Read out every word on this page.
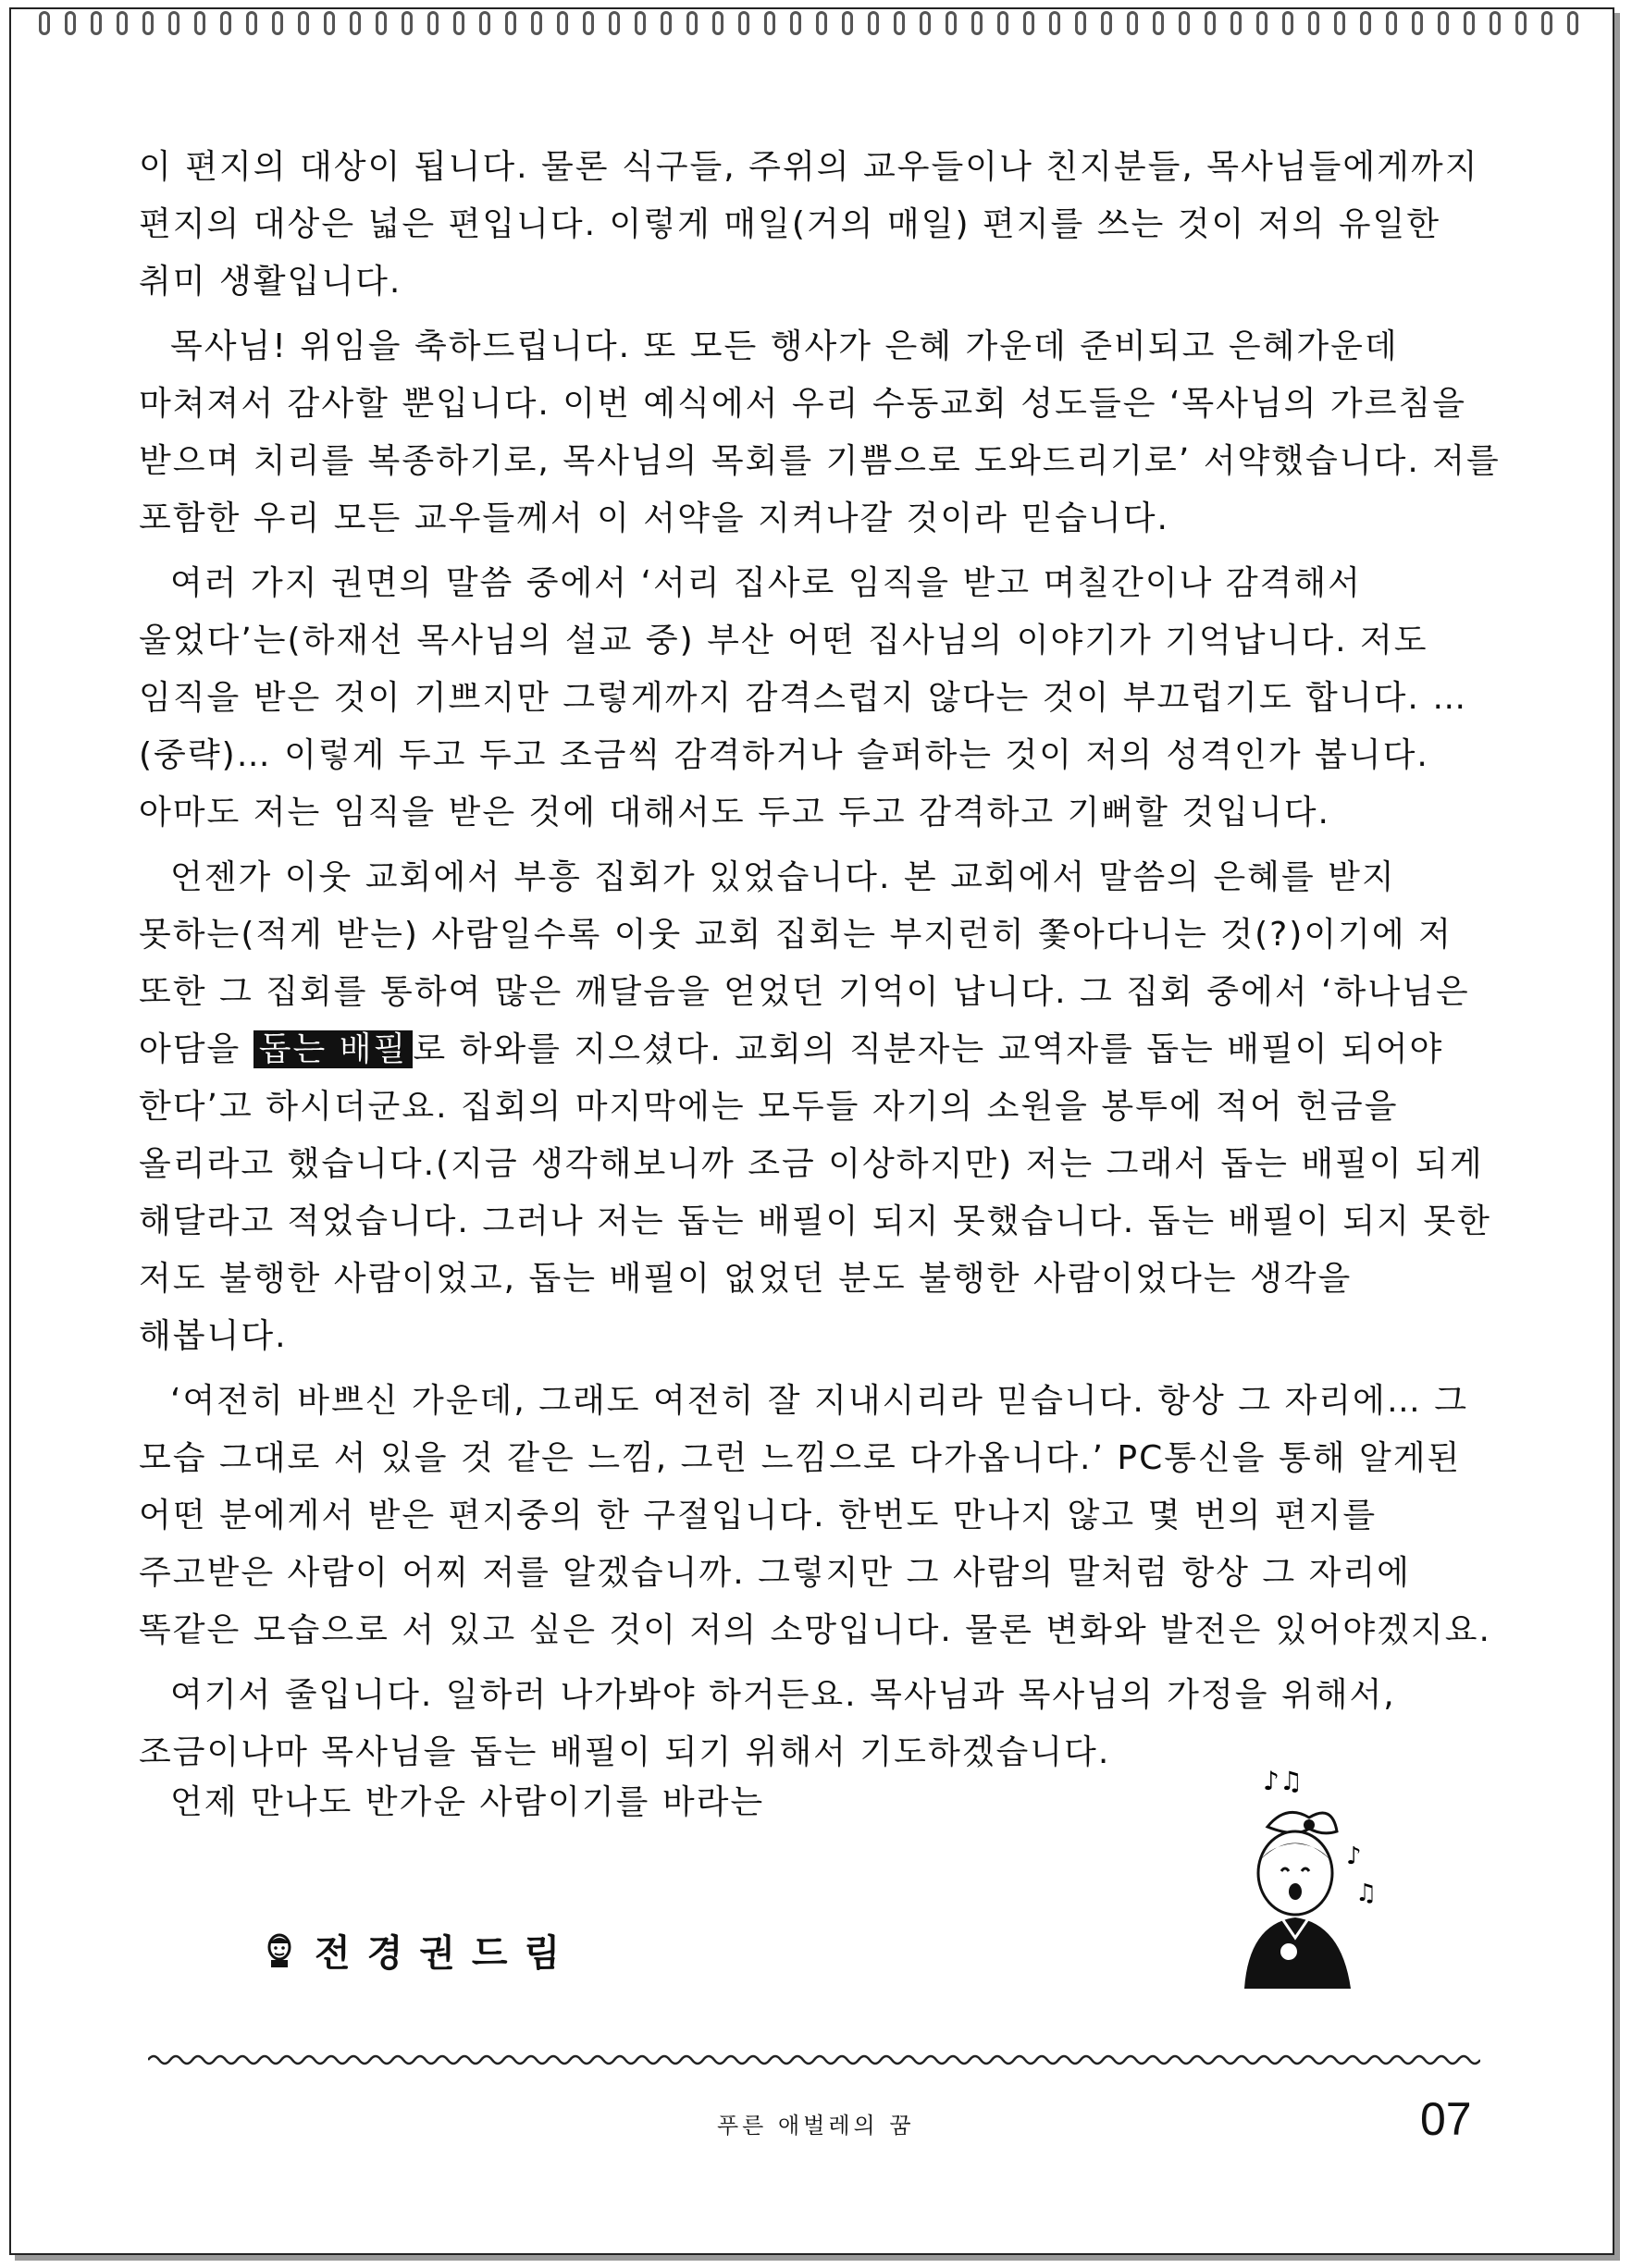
이 편지의 대상이 됩니다. 물론 식구들, 주위의 교우들이나 친지분들, 목사님들에게까지 편지의 대상은 넓은 편입니다. 이렇게 매일(거의 매일) 편지를 쓰는 것이 저의 유일한 취미 생활입니다.

목사님! 위임을 축하드립니다. 또 모든 행사가 은혜 가운데 준비되고 은혜가운데 마쳐져서 감사할 뿐입니다. 이번 예식에서 우리 수동교회 성도들은 ‘목사님의 가르침을 받으며 치리를 복종하기로, 목사님의 목회를 기쁨으로 도와드리기로’ 서약했습니다. 저를 포함한 우리 모든 교우들께서 이 서약을 지켜나갈 것이라 믿습니다.

여러 가지 권면의 말씀 중에서 ‘서리 집사로 임직을 받고 며칠간이나 감격해서 울었다’는(하재선 목사님의 설교 중) 부산 어떤 집사님의 이야기가 기억납니다. 저도 임직을 받은 것이 기쁘지만 그렇게까지 감격스럽지 않다는 것이 부끄럽기도 합니다. …(중략)… 이렇게 두고 두고 조금씩 감격하거나 슬퍼하는 것이 저의 성격인가 봅니다. 아마도 저는 임직을 받은 것에 대해서도 두고 두고 감격하고 기뻐할 것입니다.

언젠가 이웃 교회에서 부흥 집회가 있었습니다. 본 교회에서 말씀의 은혜를 받지 못하는(적게 받는) 사람일수록 이웃 교회 집회는 부지런히 쫓아다니는 것(?)이기에 저 또한 그 집회를 통하여 많은 깨달음을 얻었던 기억이 납니다. 그 집회 중에서 ‘하나님은 아담을 돕는 배필 로 하와를 지으셨다. 교회의 직분자는 교역자를 돕는 배필이 되어야 한다’고 하시더군요. 집회의 마지막에는 모두들 자기의 소원을 봉투에 적어 헌금을 올리라고 했습니다.(지금 생각해보니까 조금 이상하지만) 저는 그래서 돕는 배필이 되게 해달라고 적었습니다. 그러나 저는 돕는 배필이 되지 못했습니다. 돕는 배필이 되지 못한 저도 불행한 사람이었고, 돕는 배필이 없었던 분도 불행한 사람이었다는 생각을 해봅니다.

‘여전히 바쁘신 가운데, 그래도 여전히 잘 지내시리라 믿습니다. 항상 그 자리에… 그 모습 그대로 서 있을 것 같은 느낌, 그런 느낌으로 다가옵니다.’ PC통신을 통해 알게된 어떤 분에게서 받은 편지중의 한 구절입니다. 한번도 만나지 않고 몇 번의 편지를 주고받은 사람이 어찌 저를 알겠습니까. 그렇지만 그 사람의 말처럼 항상 그 자리에 똑같은 모습으로 서 있고 싶은 것이 저의 소망입니다. 물론 변화와 발전은 있어야겠지요.

여기서 줄입니다. 일하러 나가봐야 하거든요. 목사님과 목사님의 가정을 위해서, 조금이나마 목사님을 돕는 배필이 되기 위해서 기도하겠습니다.

언제 만나도 반가운 사람이기를 바라는
전경권드림
♪♫
♪
♫
푸른 애벌레의 꿈	07
